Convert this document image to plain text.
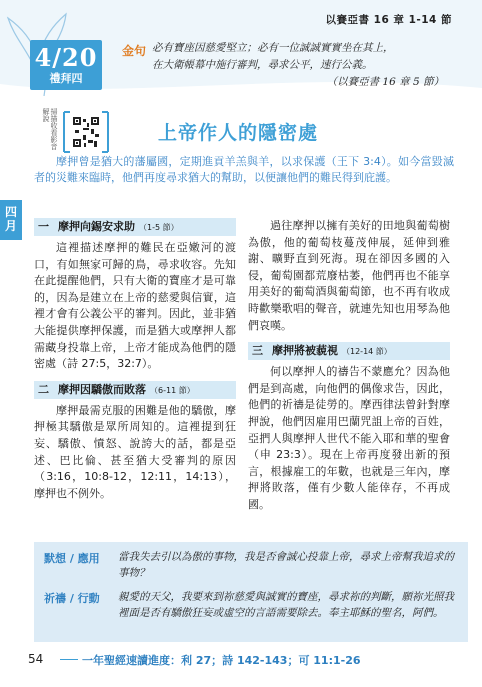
以賽亞書 16 章 1-14 節
4/20
禮拜四
金句 必有寶座因慈愛堅立；必有一位誠誠實實坐在其上，
在大衛帳幕中施行審判，尋求公平，速行公義。
（以賽亞書 16 章 5 節）
掃描收看影音解說
上帝作人的隱密處
四月
摩押曾是猶大的藩屬國，定期進貢羊羔與羊，以求保護（王下 3:4）。如今當毀滅者的災難來臨時，他們再度尋求猶大的幫助，以便讓他們的難民得到庇護。
一 摩押向錫安求助 （1-5 節）

這裡描述摩押的難民在亞嫩河的渡口，有如無家可歸的鳥，尋求收容。先知在此提醒他們，只有大衛的寶座才是可靠的，因為是建立在上帝的慈愛與信實，這裡才會有公義公平的審判。因此，並非猶大能提供摩押保護，而是猶大或摩押人都需藏身投靠上帝，上帝才能成為他們的隱密處（詩 27:5，32:7）。

二 摩押因驕傲而敗落 （6-11 節）

摩押最需克服的困難是他的驕傲，摩押極其驕傲是眾所周知的。這裡提到狂妄、驕傲、憤怒、說誇大的話，都是亞述、巴比倫、甚至猶大受審判的原因（3:16，10:8-12，12:11，14:13），摩押也不例外。

過往摩押以擁有美好的田地與葡萄樹為傲，他的葡萄枝蔓茂伸展，延伸到雅謝、曠野直到死海。現在卻因多國的入侵，葡萄園都荒廢枯萎，他們再也不能享用美好的葡萄酒與葡萄節，也不再有收成時歡樂歌唱的聲音，就連先知也用琴為他們哀嘆。

三 摩押將被藐視 （12-14 節）

何以摩押人的禱告不蒙應允？因為他們是到高處，向他們的偶像求告，因此，他們的祈禱是徒勞的。摩西律法曾針對摩押說，他們因雇用巴蘭咒詛上帝的百姓，亞捫人與摩押人世代不能入耶和華的聖會（申 23:3）。現在上帝再度發出新的預言，根據雇工的年數，也就是三年內，摩押將敗落，僅有少數人能倖存，不再成國。

默想 / 應用 當我失去引以為傲的事物，我是否會誠心投靠上帝，尋求上帝幫我追求的事物？
祈禱 / 行動 親愛的天父，我要來到祢慈愛與誠實的寶座，尋求祢的判斷，願祢光照我裡面是否有驕傲狂妄或虛空的言語需要除去。奉主耶穌的聖名，阿們。
54	一年聖經速讀進度：利 27；詩 142-143；可 11:1-26
